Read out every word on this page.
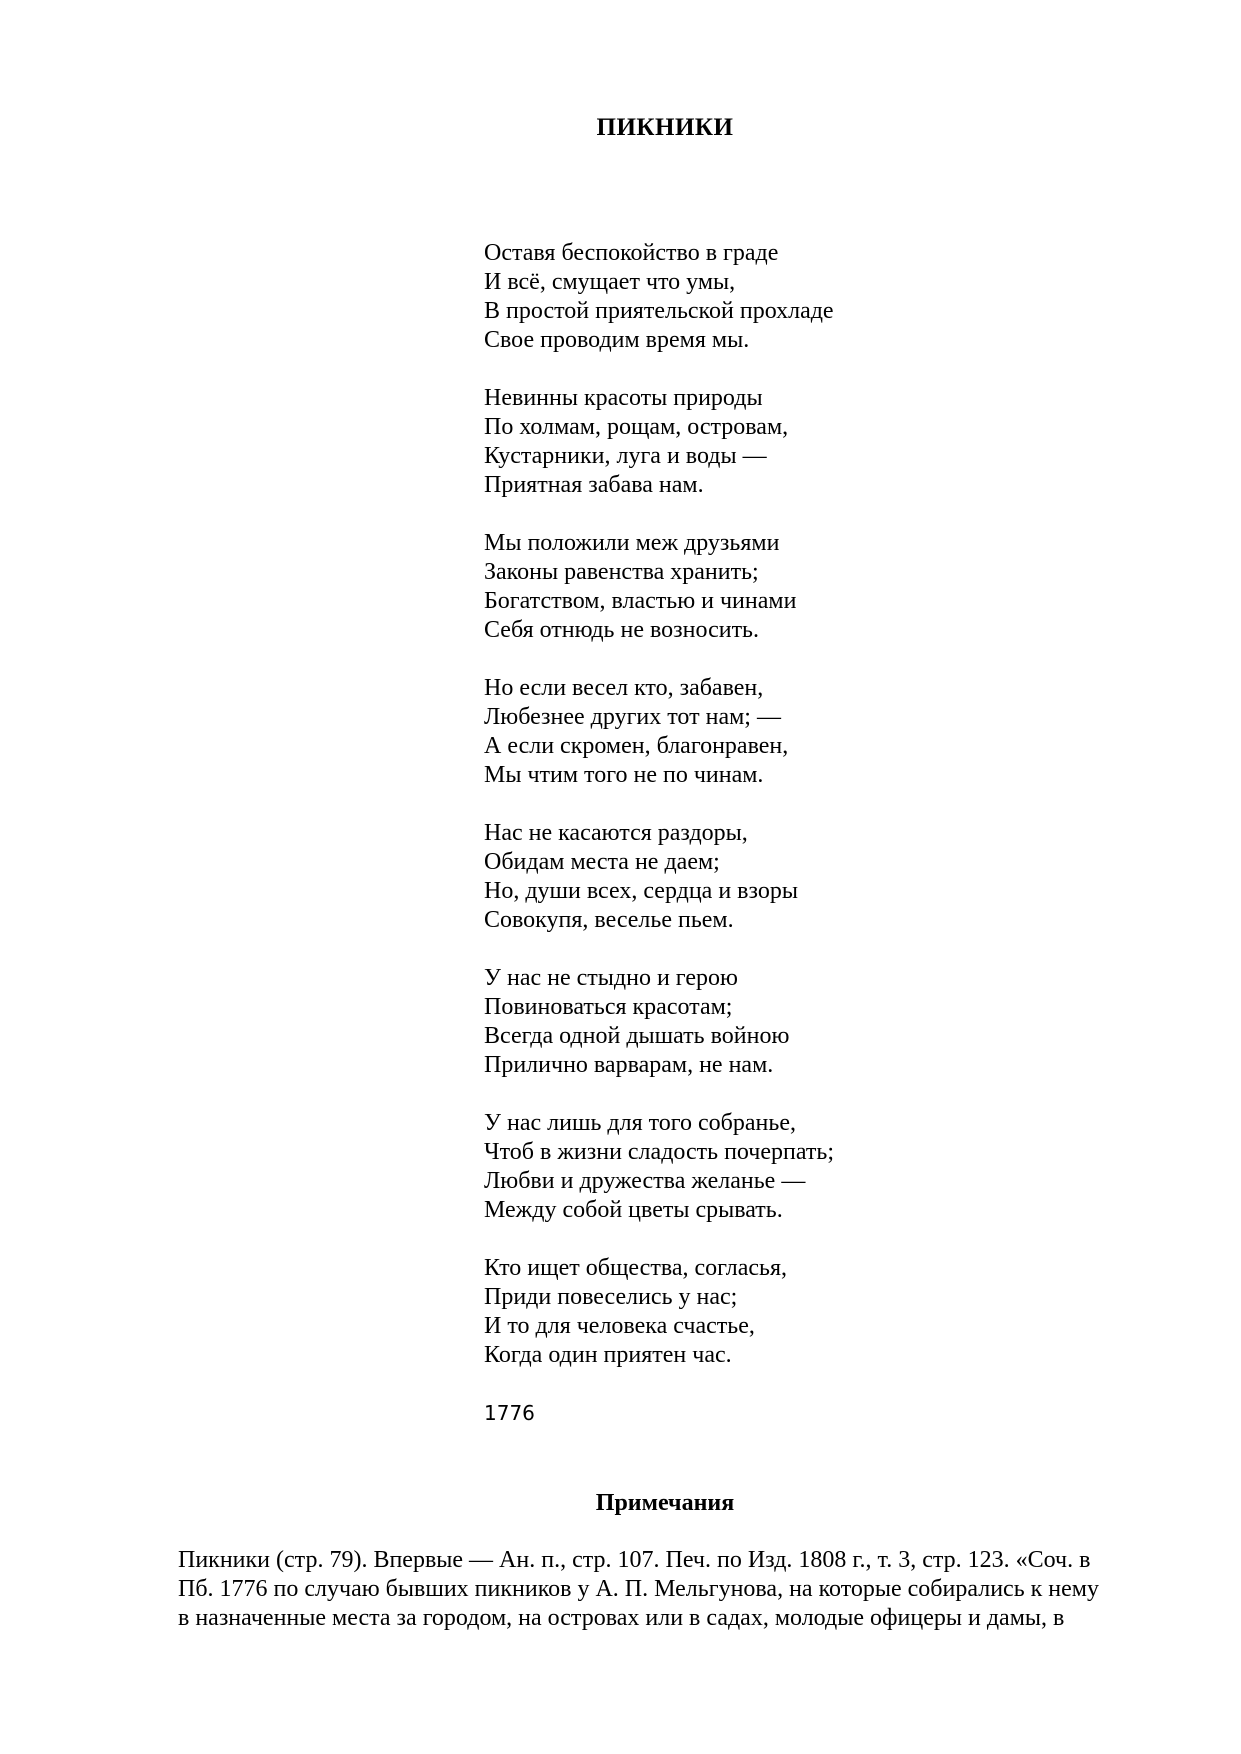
ПИКНИКИ
Оставя беспокойство в граде
И всё, смущает что умы,
В простой приятельской прохладе
Свое проводим время мы.
Невинны красоты природы
По холмам, рощам, островам,
Кустарники, луга и воды —
Приятная забава нам.
Мы положили меж друзьями
Законы равенства хранить;
Богатством, властью и чинами
Себя отнюдь не возносить.
Но если весел кто, забавен,
Любезнее других тот нам; —
А если скромен, благонравен,
Мы чтим того не по чинам.
Нас не касаются раздоры,
Обидам места не даем;
Но, души всех, сердца и взоры
Совокупя, веселье пьем.
У нас не стыдно и герою
Повиноваться красотам;
Всегда одной дышать войною
Прилично варварам, не нам.
У нас лишь для того собранье,
Чтоб в жизни сладость почерпать;
Любви и дружества желанье —
Между собой цветы срывать.
Кто ищет общества, согласья,
Приди повеселись у нас;
И то для человека счастье,
Когда один приятен час.
1776
Примечания
Пикники (стр. 79). Впервые — Ан. п., стр. 107. Печ. по Изд. 1808 г., т. 3, стр. 123. «Соч. в
Пб. 1776 по случаю бывших пикников у А. П. Мельгунова, на которые собирались к нему
в назначенные места за городом, на островах или в садах, молодые офицеры и дамы, в
